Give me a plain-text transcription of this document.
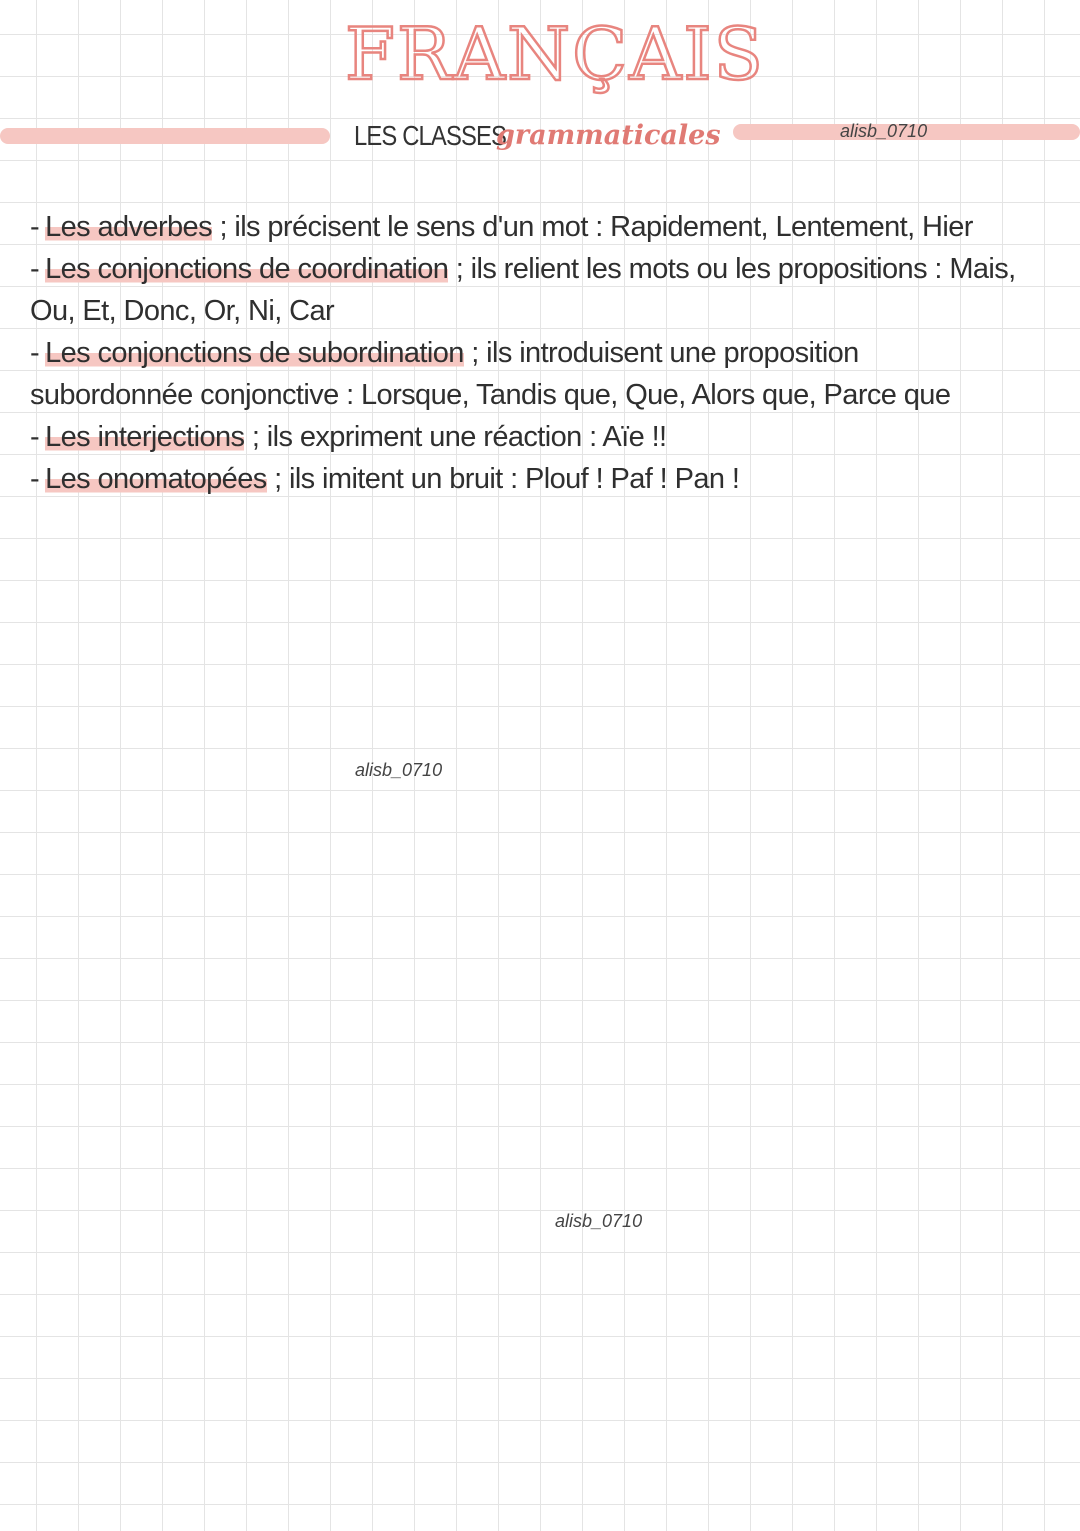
FRANÇAIS
LES CLASSES
grammaticales	alisb_0710
- Les adverbes ; ils précisent le sens d'un mot : Rapidement, Lentement, Hier
- Les conjonctions de coordination ; ils relient les mots ou les propositions : Mais,
Ou, Et, Donc, Or, Ni, Car
- Les conjonctions de subordination ; ils introduisent une proposition
subordonnée conjonctive : Lorsque, Tandis que, Que, Alors que, Parce que
- Les interjections ; ils expriment une réaction : Aïe !!
- Les onomatopées ; ils imitent un bruit : Plouf ! Paf ! Pan !
alisb_0710
alisb_0710
